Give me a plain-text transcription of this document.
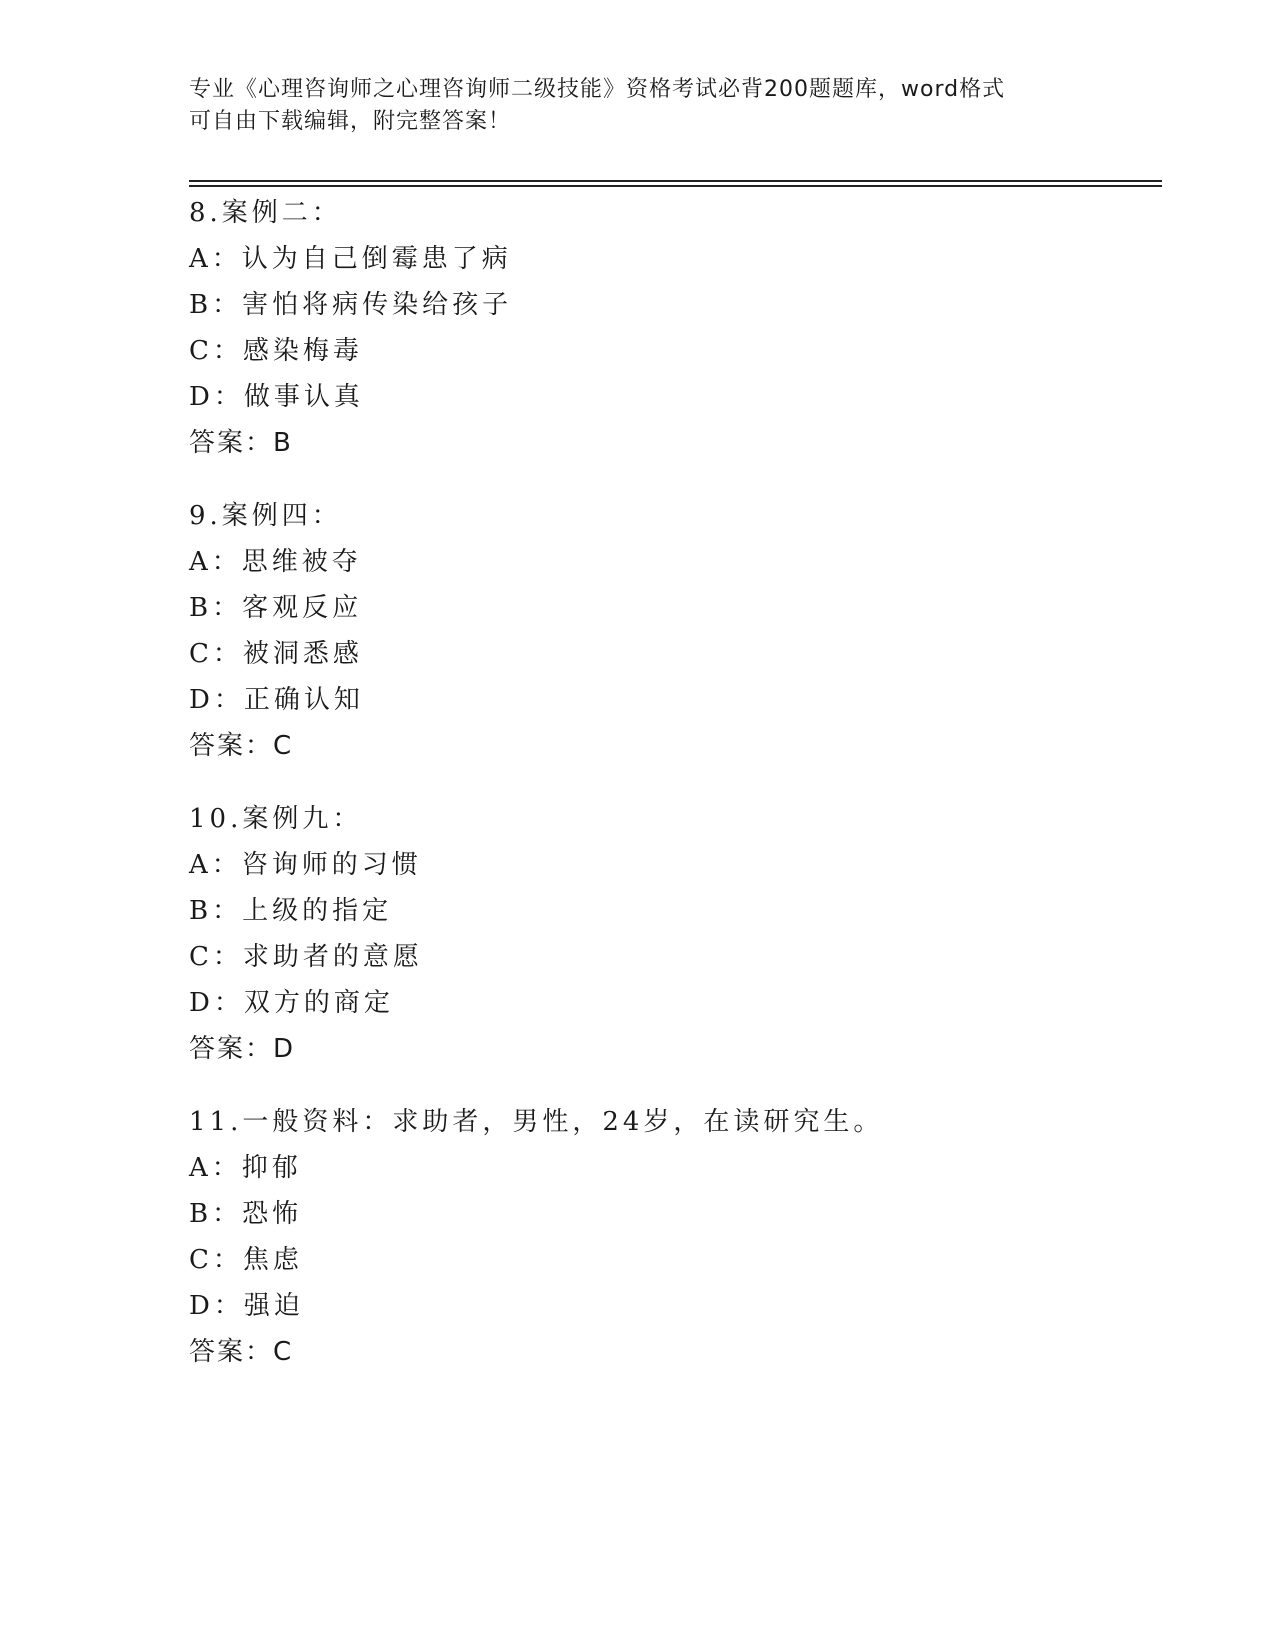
专业《心理咨询师之心理咨询师二级技能》资格考试必背200题题库，word格式
可自由下载编辑，附完整答案！
8.案例二：
A：认为自己倒霉患了病
B：害怕将病传染给孩子
C：感染梅毒
D：做事认真
答案：B
9.案例四：
A：思维被夺
B：客观反应
C：被洞悉感
D：正确认知
答案：C
10.案例九：
A：咨询师的习惯
B：上级的指定
C：求助者的意愿
D：双方的商定
答案：D
11.一般资料：求助者，男性，24岁，在读研究生。
A：抑郁
B：恐怖
C：焦虑
D：强迫
答案：C
